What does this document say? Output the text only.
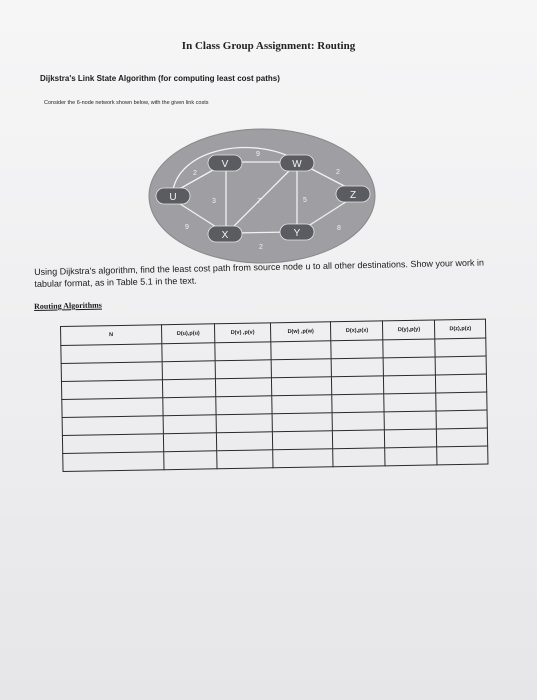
In Class Group Assignment: Routing
Dijkstra's Link State Algorithm (for computing least cost paths)
Consider the 6-node network shown below, with the given link costs
3
2
9
9
3	7
2
5
2
8
U
V	W
X	Y
Z
Using Dijkstra's algorithm, find the least cost path from source node u to all other destinations. Show your work in tabular format, as in Table 5.1 in the text.
Routing Algorithms
N	D(u),p(u)	D(v) ,p(v)	D(w) ,p(w)	D(x),p(x)	D(y),p(y)	D(z),p(z)
